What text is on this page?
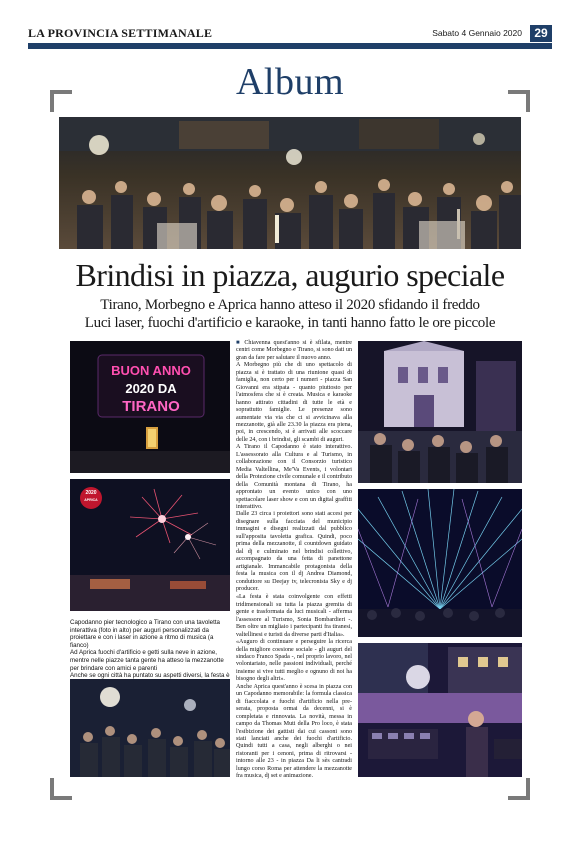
LA PROVINCIA SETTIMANALE	Sabato 4 Gennaio 2020	29
Album
Brindisi in piazza, augurio speciale
Tirano, Morbegno e Aprica hanno atteso il 2020 sfidando il freddo
Luci laser, fuochi d'artificio e karaoke, in tanti hanno fatto le ore piccole
BUON ANNO
2020 DA
TIRANO
2020
APRICA

Capodanno pier tecnologico a Tirano con una tavoletta interattiva (foto in alto) per auguri personalizzati da proiettare e con i laser in azione a ritmo di musica (a fianco)

Ad Aprica fuochi d'artificio e getti sulla neve in azione, mentre nelle piazze tanta gente ha atteso la mezzanotte per brindare con amici e parenti

Anche se ogni città ha puntato su aspetti diversi, la festa è

■ Chiavenna quest'anno si è sfilata, mentre centri come Morbegno e Tirano, si sono dati un gran da fare per salutare il nuovo anno.

A Morbegno più che di uno spettacolo di piazza si è trattato di una riunione quasi di famiglia, non certo per i numeri - piazza San Giovanni era stipata - quanto piuttosto per l'atmosfera che si è creata. Musica e karaoke hanno attirato cittadini di tutte le età e soprattutto famiglie. Le presenze sono aumentate via via che ci si avvicinava alla mezzanotte, già alle 23.30 la piazza era piena, poi, in crescendo, si è arrivati alle scoccare delle 24, con i brindisi, gli scambi di auguri.

A Tirano il Capodanno è stato interattivo. L'assessorato alla Cultura e al Turismo, in collaborazione con il Consorzio turistico Media Valtellina, Me'Va Events, i volontari della Protezione civile comunale e il contributo della Comunità montana di Tirano, ha approntato un evento unico con uno spettacolare laser show e con un digital graffiti interattivo.

Dalle 23 circa i proiettori sono stati accesi per disegnare sulla facciata del municipio immagini e disegni realizzati dal pubblico sull'apposita tavoletta grafica. Quindi, poco prima della mezzanotte, il countdown guidato dal dj e culminato nel brindisi collettivo, accompagnato da una fetta di panettone artigianale. Immancabile protagonista della festa la musica con il dj Andrea Diamond, conduttore su Deejay tv, telecronista Sky e dj producer.

«La festa è stata coinvolgente con effetti tridimensionali su tutta la piazza gremita di gente e trasformata da luci musicali - afferma l'assessore al Turismo, Sonia Bombardieri -. Ben oltre un migliaio i partecipanti fra tiranesi, valtellinesi e turisti da diverse parti d'Italia».

«Auguro di continuare e perseguire la ricerca della migliore coesione sociale - gli auguri del sindaco Franco Spada -, nel proprio lavoro, nel volontariato, nelle passioni individuali, perché insieme si vive tutti meglio e ognuno di noi ha bisogno degli altri».

Anche Aprica quest'anno è scesa in piazza con un Capodanno memorabile: la formula classica di fiaccolata e fuochi d'artificio nella pre-serata, proposta ormai da decenni, si è completata e rinnovata. La novità, messa in campo da Thomas Muti della Pro loco, è stata l'esibizione dei gattisti dai cui cassoni sono stati lanciati anche dei fuochi d'artificio. Quindi tutti a casa, negli alberghi o nei ristoranti per i cenoni, prima di ritrovarsi - intorno alle 23 - in piazza Da li sès cantradi lungo corso Roma per attendere la mezzanotte fra musica, dj set e animazione.
